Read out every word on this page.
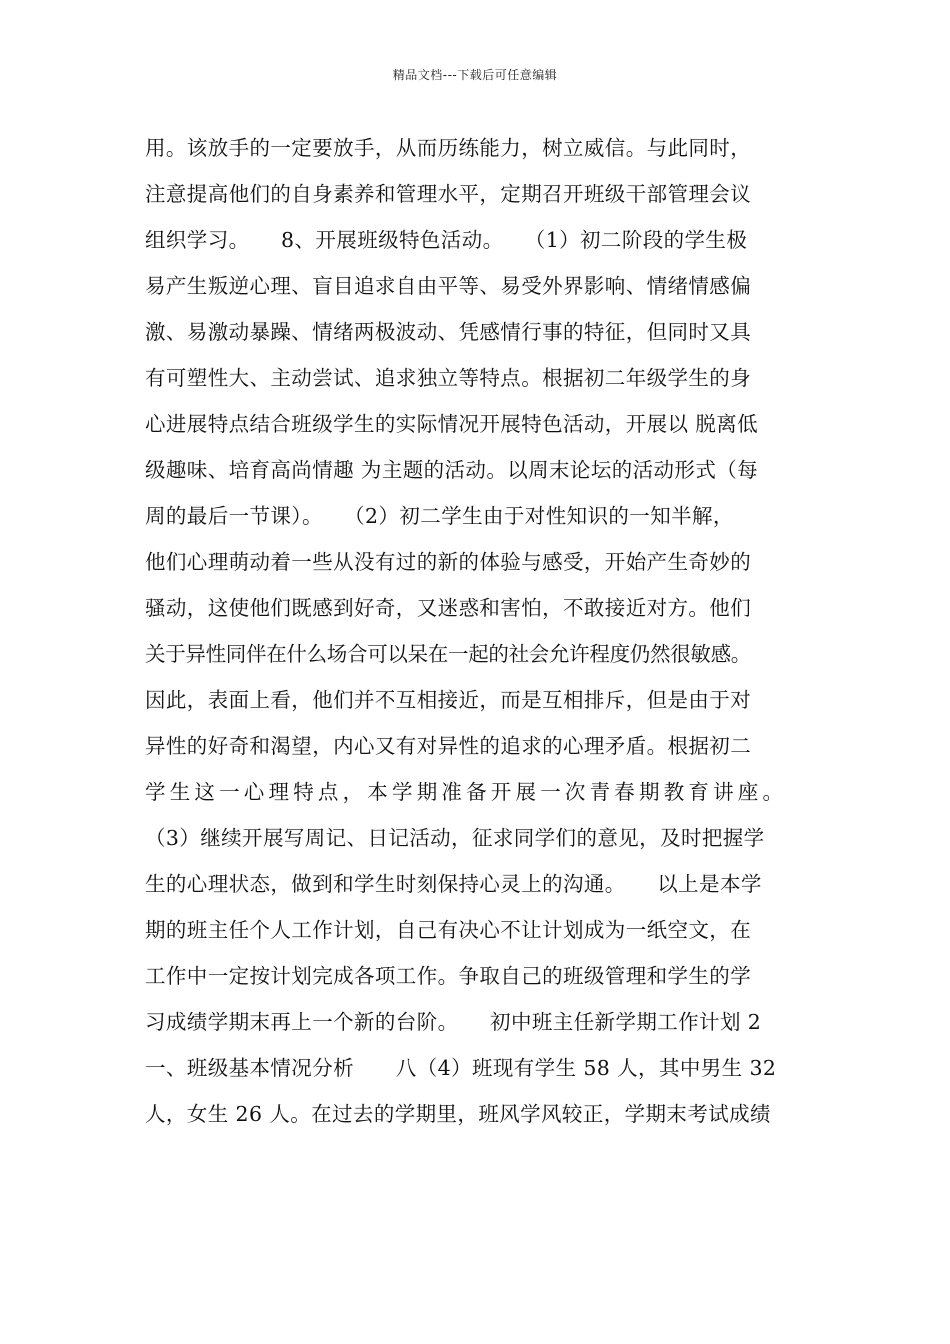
精品文档---下载后可任意编辑
用。该放手的一定要放手，从而历练能力，树立威信。与此同时，
注意提高他们的自身素养和管理水平，定期召开班级干部管理会议
组织学习。　　8、开展班级特色活动。　　（1）初二阶段的学生极
易产生叛逆心理、盲目追求自由平等、易受外界影响、情绪情感偏
激、易激动暴躁、情绪两极波动、凭感情行事的特征，但同时又具
有可塑性大、主动尝试、追求独立等特点。根据初二年级学生的身
心进展特点结合班级学生的实际情况开展特色活动，开展以 脱离低
级趣味、培育高尚情趣 为主题的活动。以周末论坛的活动形式（每
周的最后一节课）。　　（2）初二学生由于对性知识的一知半解，
他们心理萌动着一些从没有过的新的体验与感受，开始产生奇妙的
骚动，这使他们既感到好奇，又迷惑和害怕，不敢接近对方。他们
关于异性同伴在什么场合可以呆在一起的社会允许程度仍然很敏感。
因此，表面上看，他们并不互相接近，而是互相排斥，但是由于对
异性的好奇和渴望，内心又有对异性的追求的心理矛盾。根据初二
学生这一心理特点，本学期准备开展一次青春期教育讲座。
（3）继续开展写周记、日记活动，征求同学们的意见，及时把握学
生的心理状态，做到和学生时刻保持心灵上的沟通。　　以上是本学
期的班主任个人工作计划，自己有决心不让计划成为一纸空文，在
工作中一定按计划完成各项工作。争取自己的班级管理和学生的学
习成绩学期末再上一个新的台阶。　　初中班主任新学期工作计划 2
一、班级基本情况分析　　八（4）班现有学生 58 人，其中男生 32
人，女生 26 人。在过去的学期里，班风学风较正，学期末考试成绩
